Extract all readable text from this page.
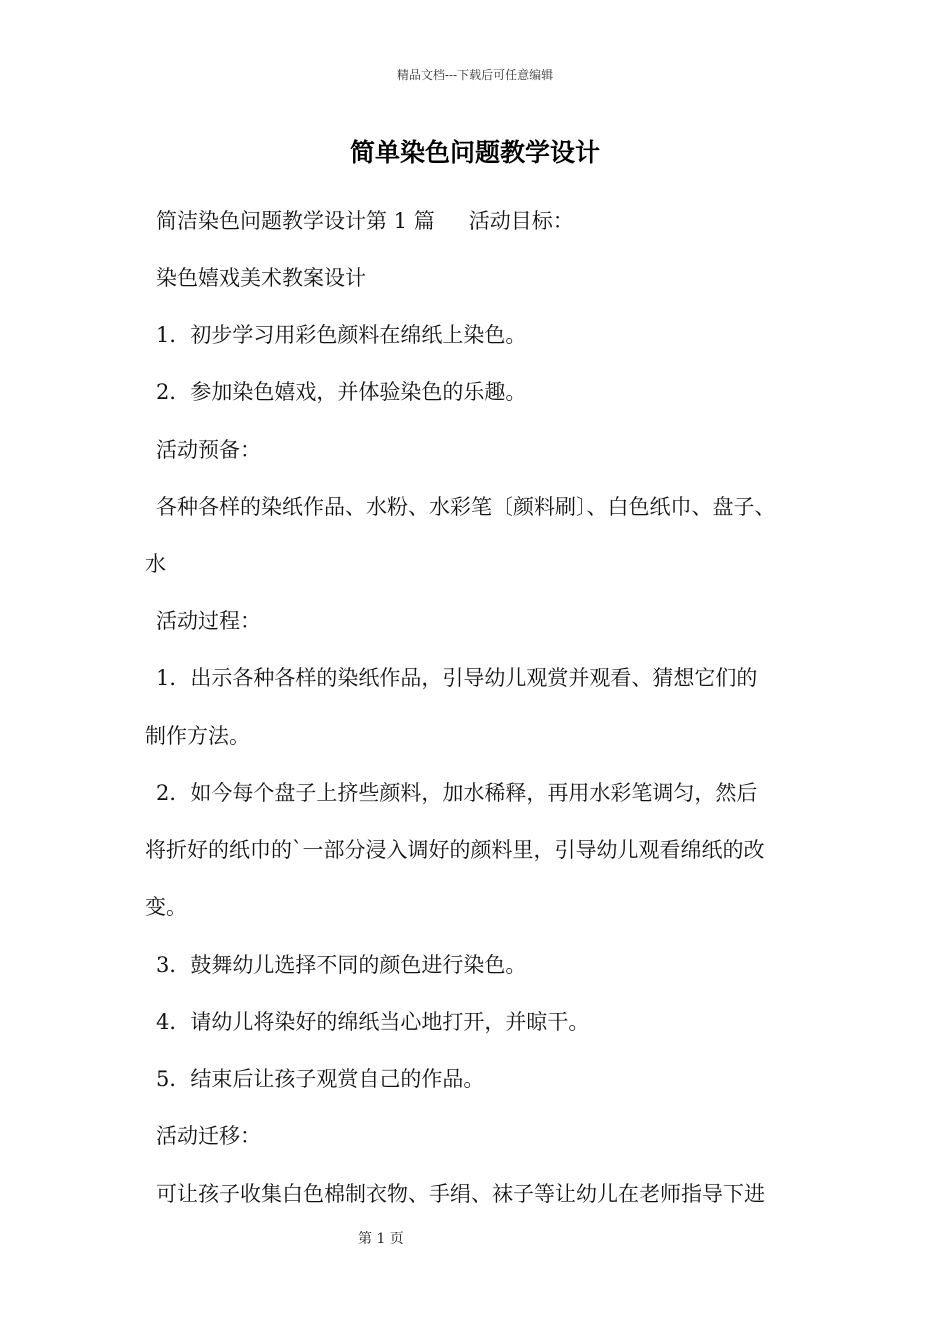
精品文档---下载后可任意编辑
简单染色问题教学设计
简洁染色问题教学设计第 1 篇 活动目标：
染色嬉戏美术教案设计
1．初步学习用彩色颜料在绵纸上染色。
2．参加染色嬉戏，并体验染色的乐趣。
活动预备：
各种各样的染纸作品、水粉、水彩笔〔颜料刷〕、白色纸巾、盘子、
水
活动过程：
1．出示各种各样的染纸作品，引导幼儿观赏并观看、猜想它们的
制作方法。
2．如今每个盘子上挤些颜料，加水稀释，再用水彩笔调匀，然后
将折好的纸巾的`一部分浸入调好的颜料里，引导幼儿观看绵纸的改
变。
3．鼓舞幼儿选择不同的颜色进行染色。
4．请幼儿将染好的绵纸当心地打开，并晾干。
5．结束后让孩子观赏自己的作品。
活动迁移：
可让孩子收集白色棉制衣物、手绢、袜子等让幼儿在老师指导下进
第 1 页
